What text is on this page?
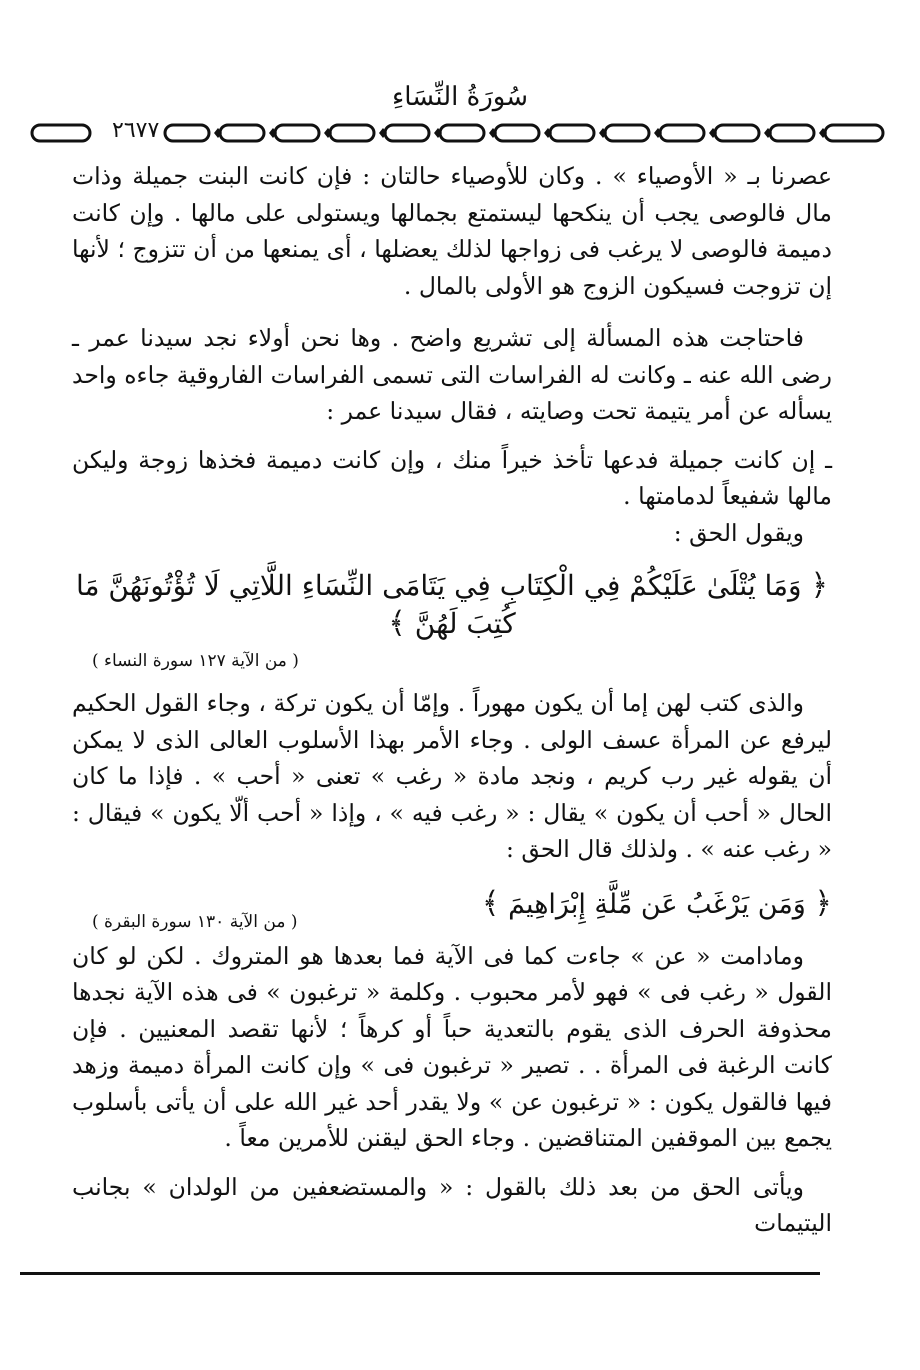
سُورَةُ النِّسَاءِ
٢٦٧٧

عصرنا بـ « الأوصياء » . وكان للأوصياء حالتان : فإن كانت البنت جميلة وذات مال فالوصى يجب أن ينكحها ليستمتع بجمالها ويستولى على مالها . وإن كانت دميمة فالوصى لا يرغب فى زواجها لذلك يعضلها ، أى يمنعها من أن تتزوج ؛ لأنها إن تزوجت فسيكون الزوج هو الأولى بالمال .

فاحتاجت هذه المسألة إلى تشريع واضح . وها نحن أولاء نجد سيدنا عمر ـ رضى الله عنه ـ وكانت له الفراسات التى تسمى الفراسات الفاروقية جاءه واحد يسأله عن أمر يتيمة تحت وصايته ، فقال سيدنا عمر :

ـ إن كانت جميلة فدعها تأخذ خيراً منك ، وإن كانت دميمة فخذها زوجة وليكن مالها شفيعاً لدمامتها .

ويقول الحق :

﴿ وَمَا يُتْلَىٰ عَلَيْكُمْ فِي الْكِتَابِ فِي يَتَامَى النِّسَاءِ اللَّاتِي لَا تُؤْتُونَهُنَّ مَا كُتِبَ لَهُنَّ ﴾
( من الآية ١٢٧ سورة النساء )

والذى كتب لهن إما أن يكون مهوراً . وإمّا أن يكون تركة ، وجاء القول الحكيم ليرفع عن المرأة عسف الولى . وجاء الأمر بهذا الأسلوب العالى الذى لا يمكن أن يقوله غير رب كريم ، ونجد مادة « رغب » تعنى « أحب » . فإذا ما كان الحال « أحب أن يكون » يقال : « رغب فيه » ، وإذا « أحب ألّا يكون » فيقال : « رغب عنه » . ولذلك قال الحق :

﴿ وَمَن يَرْغَبُ عَن مِّلَّةِ إِبْرَاهِيمَ ﴾
( من الآية ١٣٠ سورة البقرة )

ومادامت « عن » جاءت كما فى الآية فما بعدها هو المتروك . لكن لو كان القول « رغب فى » فهو لأمر محبوب . وكلمة « ترغبون » فى هذه الآية نجدها محذوفة الحرف الذى يقوم بالتعدية حباً أو كرهاً ؛ لأنها تقصد المعنيين . فإن كانت الرغبة فى المرأة . . تصير « ترغبون فى » وإن كانت المرأة دميمة وزهد فيها فالقول يكون : « ترغبون عن » ولا يقدر أحد غير الله على أن يأتى بأسلوب يجمع بين الموقفين المتناقضين . وجاء الحق ليقنن للأمرين معاً .

ويأتى الحق من بعد ذلك بالقول : « والمستضعفين من الولدان » بجانب اليتيمات
